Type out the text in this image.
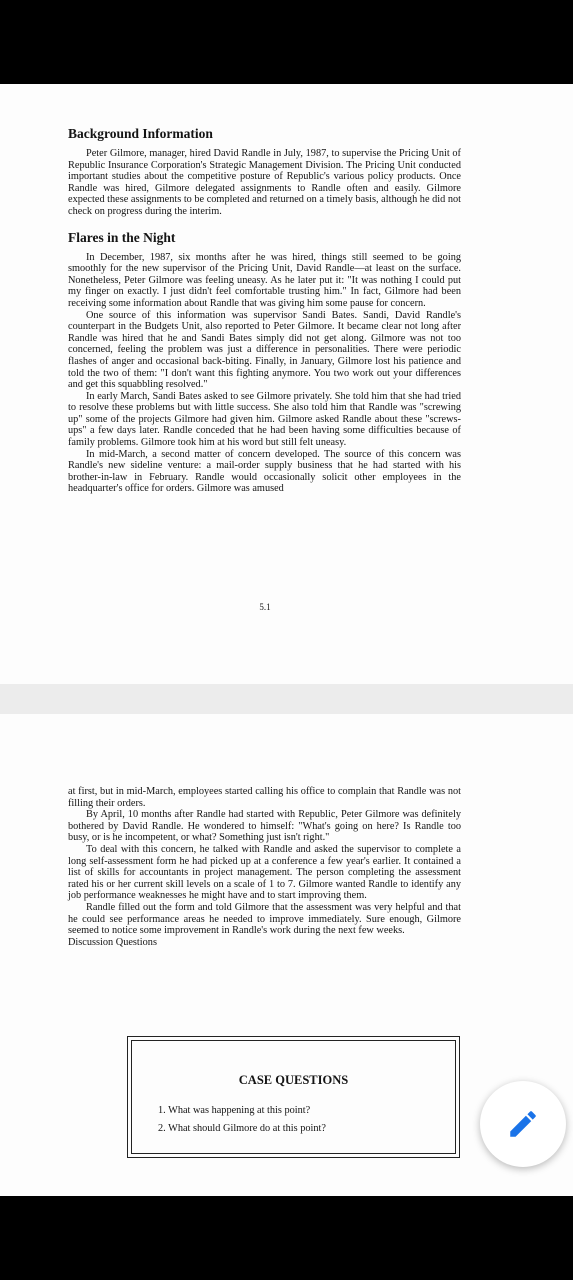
Background Information

Peter Gilmore, manager, hired David Randle in July, 1987, to supervise the Pricing Unit of Republic Insurance Corporation's Strategic Management Division. The Pricing Unit conducted important studies about the competitive posture of Republic's various policy products. Once Randle was hired, Gilmore delegated assignments to Randle often and easily. Gilmore expected these assignments to be completed and returned on a timely basis, although he did not check on progress during the interim.

Flares in the Night

In December, 1987, six months after he was hired, things still seemed to be going smoothly for the new supervisor of the Pricing Unit, David Randle—at least on the surface. Nonetheless, Peter Gilmore was feeling uneasy. As he later put it: "It was nothing I could put my finger on exactly. I just didn't feel comfortable trusting him." In fact, Gilmore had been receiving some information about Randle that was giving him some pause for concern.

One source of this information was supervisor Sandi Bates. Sandi, David Randle's counterpart in the Budgets Unit, also reported to Peter Gilmore. It became clear not long after Randle was hired that he and Sandi Bates simply did not get along. Gilmore was not too concerned, feeling the problem was just a difference in personalities. There were periodic flashes of anger and occasional back-biting. Finally, in January, Gilmore lost his patience and told the two of them: "I don't want this fighting anymore. You two work out your differences and get this squabbling resolved."

In early March, Sandi Bates asked to see Gilmore privately. She told him that she had tried to resolve these problems but with little success. She also told him that Randle was "screwing up" some of the projects Gilmore had given him. Gilmore asked Randle about these "screws-ups" a few days later. Randle conceded that he had been having some difficulties because of family problems. Gilmore took him at his word but still felt uneasy.

In mid-March, a second matter of concern developed. The source of this concern was Randle's new sideline venture: a mail-order supply business that he had started with his brother-in-law in February. Randle would occasionally solicit other employees in the headquarter's office for orders. Gilmore was amused

5.1

at first, but in mid-March, employees started calling his office to complain that Randle was not filling their orders.

By April, 10 months after Randle had started with Republic, Peter Gilmore was definitely bothered by David Randle. He wondered to himself: "What's going on here? Is Randle too busy, or is he incompetent, or what? Something just isn't right."

To deal with this concern, he talked with Randle and asked the supervisor to complete a long self-assessment form he had picked up at a conference a few year's earlier. It contained a list of skills for accountants in project management. The person completing the assessment rated his or her current skill levels on a scale of 1 to 7. Gilmore wanted Randle to identify any job performance weaknesses he might have and to start improving them.

Randle filled out the form and told Gilmore that the assessment was very helpful and that he could see performance areas he needed to improve immediately. Sure enough, Gilmore seemed to notice some improvement in Randle's work during the next few weeks.

Discussion Questions

CASE QUESTIONS

1. What was happening at this point?
2. What should Gilmore do at this point?
